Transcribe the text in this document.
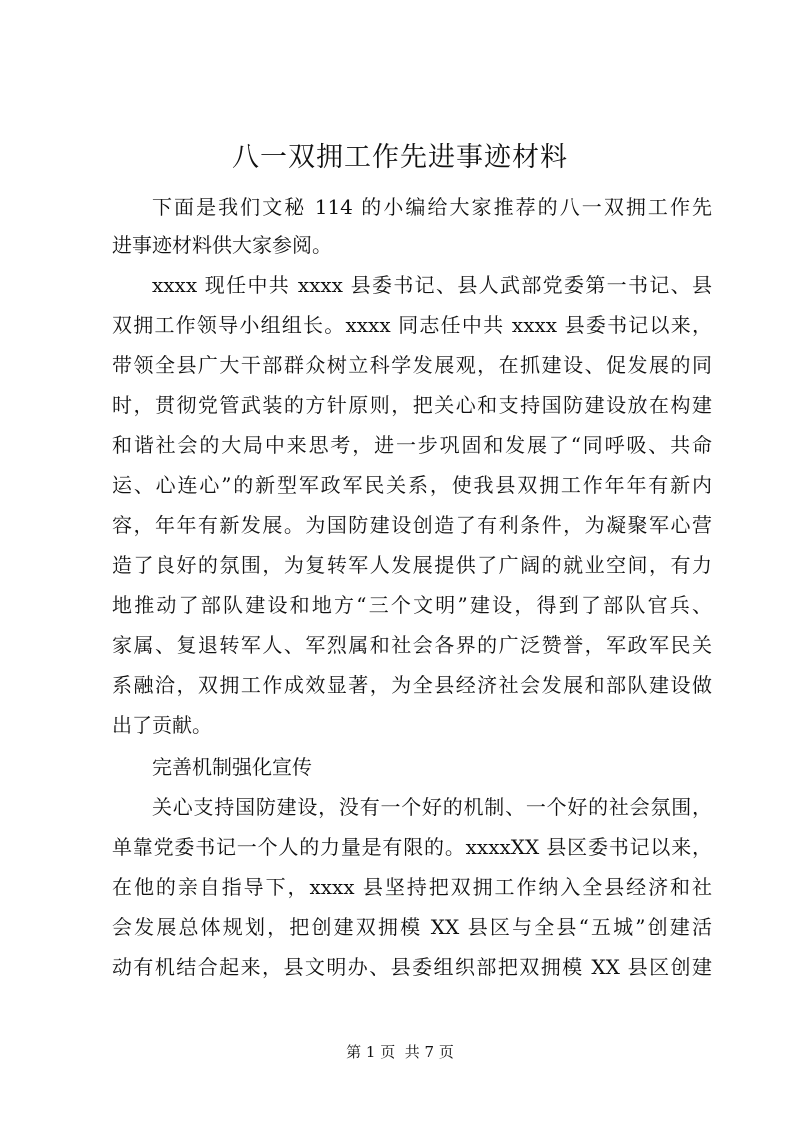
八一双拥工作先进事迹材料
下面是我们文秘 114 的小编给大家推荐的八一双拥工作先
进事迹材料供大家参阅。
xxxx 现任中共 xxxx 县委书记、县人武部党委第一书记、县
双拥工作领导小组组长。xxxx 同志任中共 xxxx 县委书记以来，
带领全县广大干部群众树立科学发展观，在抓建设、促发展的同
时，贯彻党管武装的方针原则，把关心和支持国防建设放在构建
和谐社会的大局中来思考，进一步巩固和发展了“同呼吸、共命
运、心连心”的新型军政军民关系，使我县双拥工作年年有新内
容，年年有新发展。为国防建设创造了有利条件，为凝聚军心营
造了良好的氛围，为复转军人发展提供了广阔的就业空间，有力
地推动了部队建设和地方“三个文明”建设，得到了部队官兵、
家属、复退转军人、军烈属和社会各界的广泛赞誉，军政军民关
系融洽，双拥工作成效显著，为全县经济社会发展和部队建设做
出了贡献。
完善机制强化宣传
关心支持国防建设，没有一个好的机制、一个好的社会氛围，
单靠党委书记一个人的力量是有限的。xxxxXX 县区委书记以来，
在他的亲自指导下，xxxx 县坚持把双拥工作纳入全县经济和社
会发展总体规划，把创建双拥模 XX 县区与全县“五城”创建活
动有机结合起来，县文明办、县委组织部把双拥模 XX 县区创建
第 1 页  共 7 页
